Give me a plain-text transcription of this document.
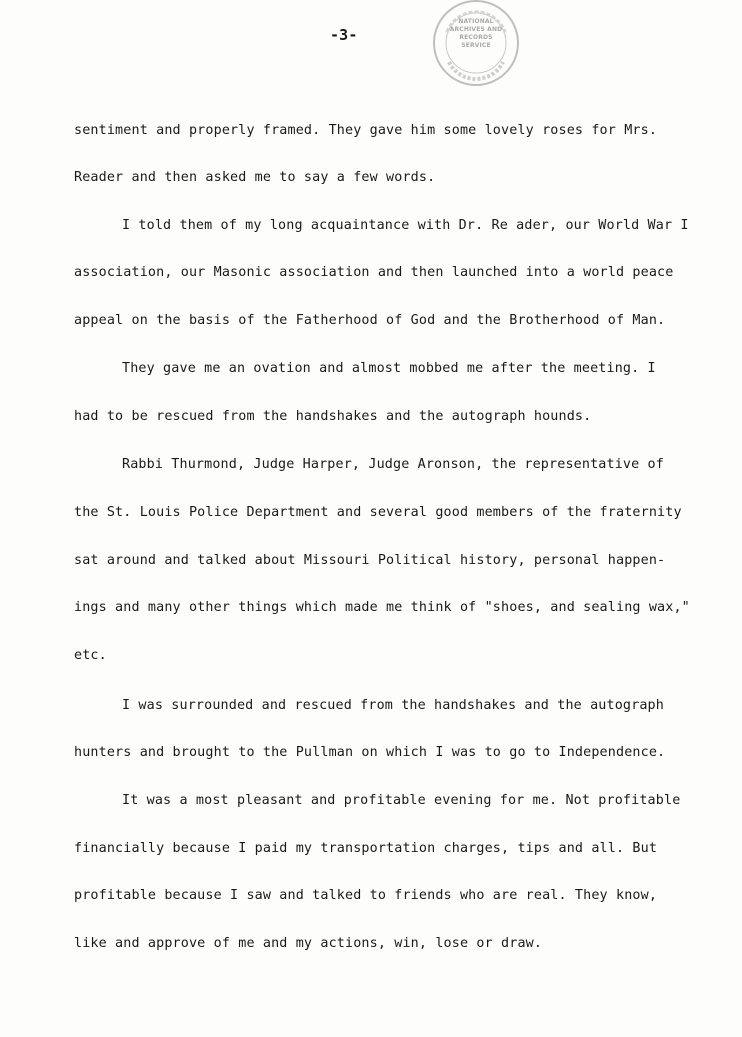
-3-
NATIONAL
ARCHIVES AND
RECORDS
SERVICE
sentiment and properly framed. They gave him some lovely roses for Mrs.
Reader and then asked me to say a few words.
I told them of my long acquaintance with Dr. Re ader, our World War I
association, our Masonic association and then launched into a world peace
appeal on the basis of the Fatherhood of God and the Brotherhood of Man.
They gave me an ovation and almost mobbed me after the meeting. I
had to be rescued from the handshakes and the autograph hounds.
Rabbi Thurmond, Judge Harper, Judge Aronson, the representative of
the St. Louis Police Department and several good members of the fraternity
sat around and talked about Missouri Political history, personal happen-
ings and many other things which made me think of "shoes, and sealing wax,"
etc.
I was surrounded and rescued from the handshakes and the autograph
hunters and brought to the Pullman on which I was to go to Independence.
It was a most pleasant and profitable evening for me. Not profitable
financially because I paid my transportation charges, tips and all. But
profitable because I saw and talked to friends who are real. They know,
like and approve of me and my actions, win, lose or draw.
